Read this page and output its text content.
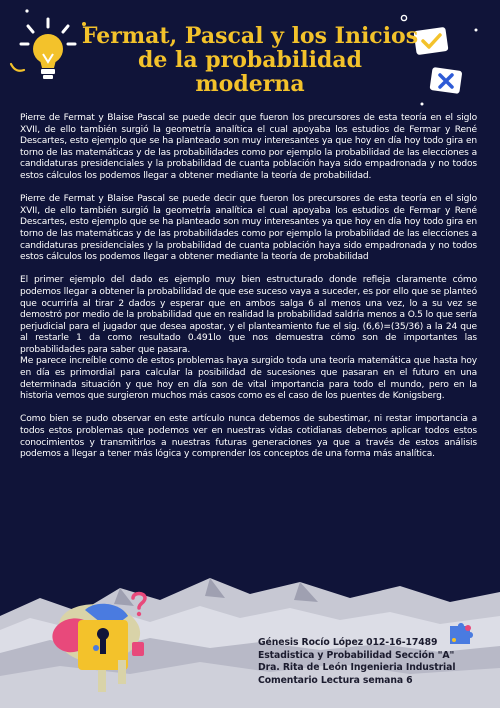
Fermat, Pascal y los Inicios
de la probabilidad
moderna

Pierre de Fermat y Blaise Pascal se puede decir que fueron los precursores de esta teoría en el siglo XVII, de ello también surgió la geometría analítica el cual apoyaba los estudios de Fermar y René Descartes, esto ejemplo que se ha planteado son muy interesantes ya que hoy en día hoy todo gira en torno de las matemáticas y de las probabilidades como por ejemplo la probabilidad de las elecciones a candidaturas presidenciales y la probabilidad de cuanta población haya sido empadronada y no todos estos cálculos los podemos llegar a obtener mediante la teoría de probabilidad.

Pierre de Fermat y Blaise Pascal se puede decir que fueron los precursores de esta teoría en el siglo XVII, de ello también surgió la geometría analítica el cual apoyaba los estudios de Fermar y René Descartes, esto ejemplo que se ha planteado son muy interesantes ya que hoy en día hoy todo gira en torno de las matemáticas y de las probabilidades como por ejemplo la probabilidad de las elecciones a candidaturas presidenciales y la probabilidad de cuanta población haya sido empadronada y no todos estos cálculos los podemos llegar a obtener mediante la teoría de probabilidad

El primer ejemplo del dado es ejemplo muy bien estructurado donde refleja claramente cómo podemos llegar a obtener la probabilidad de que ese suceso vaya a suceder, es por ello que se planteó que ocurriría al tirar 2 dados y esperar que en ambos salga 6 al menos una vez, lo a su vez se demostró por medio de la probabilidad que en realidad la probabilidad saldría menos a O.5 lo que sería perjudicial para el jugador que desea apostar, y el planteamiento fue el sig. (6,6)=(35/36) a la 24 que al restarle 1 da como resultado 0.491lo que nos demuestra cómo son de importantes las probabilidades para saber que pasara.

Me parece increíble como de estos problemas haya surgido toda una teoría matemática que hasta hoy en día es primordial para calcular la posibilidad de sucesiones que pasaran en el futuro en una determinada situación y que hoy en día son de vital importancia para todo el mundo, pero en la historia vemos que surgieron muchos más casos como es el caso de los puentes de Konigsberg.

Como bien se pudo observar en este artículo nunca debemos de subestimar, ni restar importancia a todos estos problemas que podemos ver en nuestras vidas cotidianas debemos aplicar todos estos conocimientos y transmitirlos a nuestras futuras generaciones ya que a través de estos análisis podemos a llegar a tener más lógica y comprender los conceptos de una forma más analítica.

Génesis Rocío López 012-16-17489
Estadistica y Probabilidad Sección "A"
Dra. Rita de León Ingenieria Industrial
Comentario Lectura semana 6
